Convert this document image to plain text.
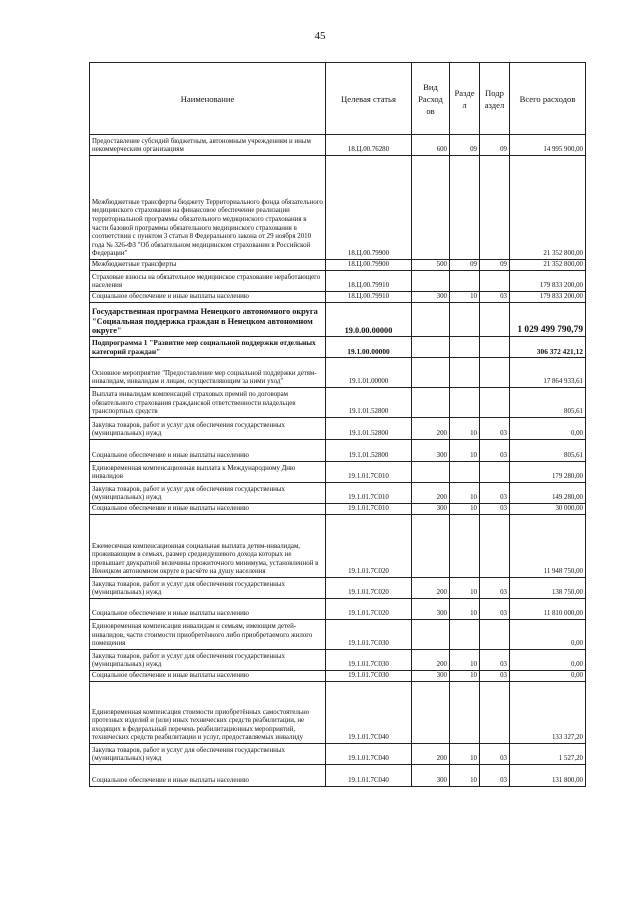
45
Наименование	Целевая статья	Вид Расход ов	Разде л	Подр аздел	Всего расходов
Предоставление субсидий бюджетным, автономным учреждениям и иным некоммерческим организациям	18.Ц.00.76280	600	09	09	14 995 900,00
Межбюджетные трансферты бюджету Территориального фонда обязательного медицинского страхования на финансовое обеспечение реализации территориальной программы обязательного медицинского страхования в части базовой программы обязательного медицинского страхования в соответствии с пунктом 3 статьи 8 Федерального закона от 29 ноября 2010 года № 326-ФЗ "Об обязательном медицинском страховании в Российской Федерации"	18.Ц.00.79900				21 352 800,00
Межбюджетные трансферты	18.Ц.00.79900	500	09	09	21 352 800,00
Страховые взносы на обязательное медицинское страхование неработающего населения	18.Ц.00.79910				179 833 200,00
Социальное обеспечение и иные выплаты населению	18.Ц.00.79910	300	10	03	179 833 200,00
Государственная программа Ненецкого автономного округа "Социальная поддержка граждан в Ненецком автономном округе"	19.0.00.00000				1 029 499 790,79
Подпрограмма 1 "Развитие мер социальной поддержки отдельных категорий граждан"	19.1.00.00000				306 372 421,12
Основное мероприятие "Предоставление мер социальной поддержки детям-инвалидам, инвалидам и лицам, осуществляющим за ними уход"	19.1.01.00000				17 864 933,61
Выплата инвалидам компенсаций страховых премий по договорам обязательного страхования гражданской ответственности владельцев транспортных средств	19.1.01.52800				805,61
Закупка товаров, работ и услуг для обеспечения государственных (муниципальных) нужд	19.1.01.52800	200	10	03	0,00
Социальное обеспечение и иные выплаты населению	19.1.01.52800	300	10	03	805,61
Единовременная компенсационная выплата к Международному Дню инвалидов	19.1.01.7С010				179 280,00
Закупка товаров, работ и услуг для обеспечения государственных (муниципальных) нужд	19.1.01.7С010	200	10	03	149 280,00
Социальное обеспечение и иные выплаты населению	19.1.01.7С010	300	10	03	30 000,00
Ежемесячная компенсационная социальная выплата детям-инвалидам, проживающим в семьях, размер среднедушевого дохода которых не превышает двукратной величины прожиточного минимума, установленной в Ненецком автономном округе в расчёте на душу населения	19.1.01.7С020				11 948 750,00
Закупка товаров, работ и услуг для обеспечения государственных (муниципальных) нужд	19.1.01.7С020	200	10	03	138 750,00
Социальное обеспечение и иные выплаты населению	19.1.01.7С020	300	10	03	11 810 000,00
Единовременная компенсация инвалидам и семьям, имеющим детей-инвалидов, части стоимости приобретённого либо приобретаемого жилого помещения	19.1.01.7С030				0,00
Закупка товаров, работ и услуг для обеспечения государственных (муниципальных) нужд	19.1.01.7С030	200	10	03	0,00
Социальное обеспечение и иные выплаты населению	19.1.01.7С030	300	10	03	0,00
Единовременная компенсация стоимости приобретённых самостоятельно протезных изделий и (или) иных технических средств реабилитации, не входящих в федеральный перечень реабилитационных мероприятий, технических средств реабилитации и услуг, предоставляемых инвалиду	19.1.01.7С040				133 327,20
Закупка товаров, работ и услуг для обеспечения государственных (муниципальных) нужд	19.1.01.7С040	200	10	03	1 527,20
Социальное обеспечение и иные выплаты населению	19.1.01.7С040	300	10	03	131 800,00
